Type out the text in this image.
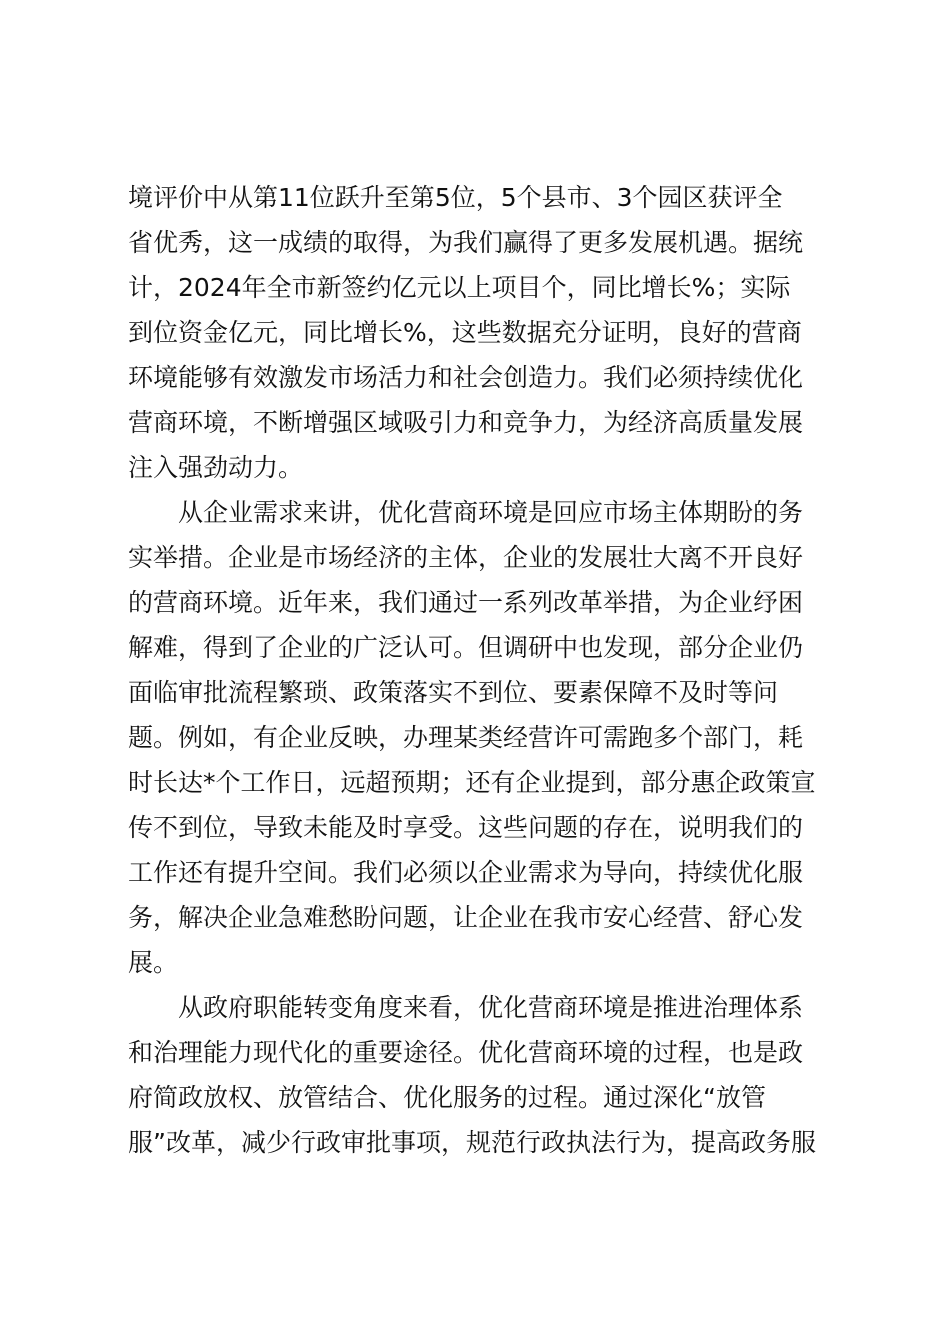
境评价中从第11位跃升至第5位，5个县市、3个园区获评全
省优秀，这一成绩的取得，为我们赢得了更多发展机遇。据统
计，2024年全市新签约亿元以上项目个，同比增长%；实际
到位资金亿元，同比增长%，这些数据充分证明，良好的营商
环境能够有效激发市场活力和社会创造力。我们必须持续优化
营商环境，不断增强区域吸引力和竞争力，为经济高质量发展
注入强劲动力。
从企业需求来讲，优化营商环境是回应市场主体期盼的务
实举措。企业是市场经济的主体，企业的发展壮大离不开良好
的营商环境。近年来，我们通过一系列改革举措，为企业纾困
解难，得到了企业的广泛认可。但调研中也发现，部分企业仍
面临审批流程繁琐、政策落实不到位、要素保障不及时等问
题。例如，有企业反映，办理某类经营许可需跑多个部门，耗
时长达*个工作日，远超预期；还有企业提到，部分惠企政策宣
传不到位，导致未能及时享受。这些问题的存在，说明我们的
工作还有提升空间。我们必须以企业需求为导向，持续优化服
务，解决企业急难愁盼问题，让企业在我市安心经营、舒心发
展。
从政府职能转变角度来看，优化营商环境是推进治理体系
和治理能力现代化的重要途径。优化营商环境的过程，也是政
府简政放权、放管结合、优化服务的过程。通过深化“放管
服”改革，减少行政审批事项，规范行政执法行为，提高政务服
